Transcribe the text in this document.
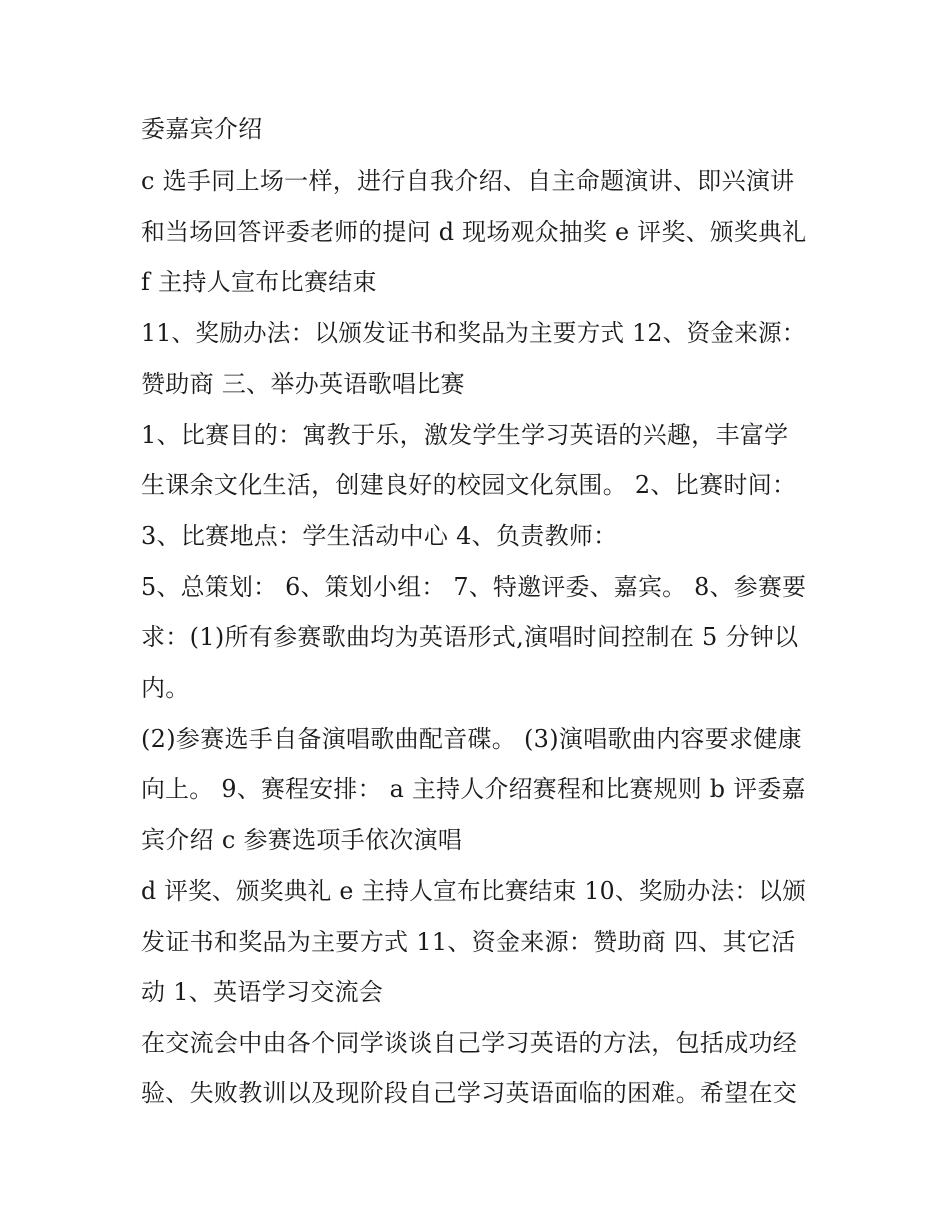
委嘉宾介绍
c 选手同上场一样，进行自我介绍、自主命题演讲、即兴演讲
和当场回答评委老师的提问 d 现场观众抽奖 e 评奖、颁奖典礼
f 主持人宣布比赛结束
11、奖励办法：以颁发证书和奖品为主要方式 12、资金来源：
赞助商 三、举办英语歌唱比赛
1、比赛目的：寓教于乐，激发学生学习英语的兴趣，丰富学
生课余文化生活，创建良好的校园文化氛围。 2、比赛时间：
3、比赛地点：学生活动中心 4、负责教师：
5、总策划： 6、策划小组： 7、特邀评委、嘉宾。 8、参赛要
求：(1)所有参赛歌曲均为英语形式,演唱时间控制在 5 分钟以
内。
(2)参赛选手自备演唱歌曲配音碟。 (3)演唱歌曲内容要求健康
向上。 9、赛程安排： a 主持人介绍赛程和比赛规则 b 评委嘉
宾介绍 c 参赛选项手依次演唱
d 评奖、颁奖典礼 e 主持人宣布比赛结束 10、奖励办法：以颁
发证书和奖品为主要方式 11、资金来源：赞助商 四、其它活
动 1、英语学习交流会
在交流会中由各个同学谈谈自己学习英语的方法，包括成功经
验、失败教训以及现阶段自己学习英语面临的困难。希望在交
